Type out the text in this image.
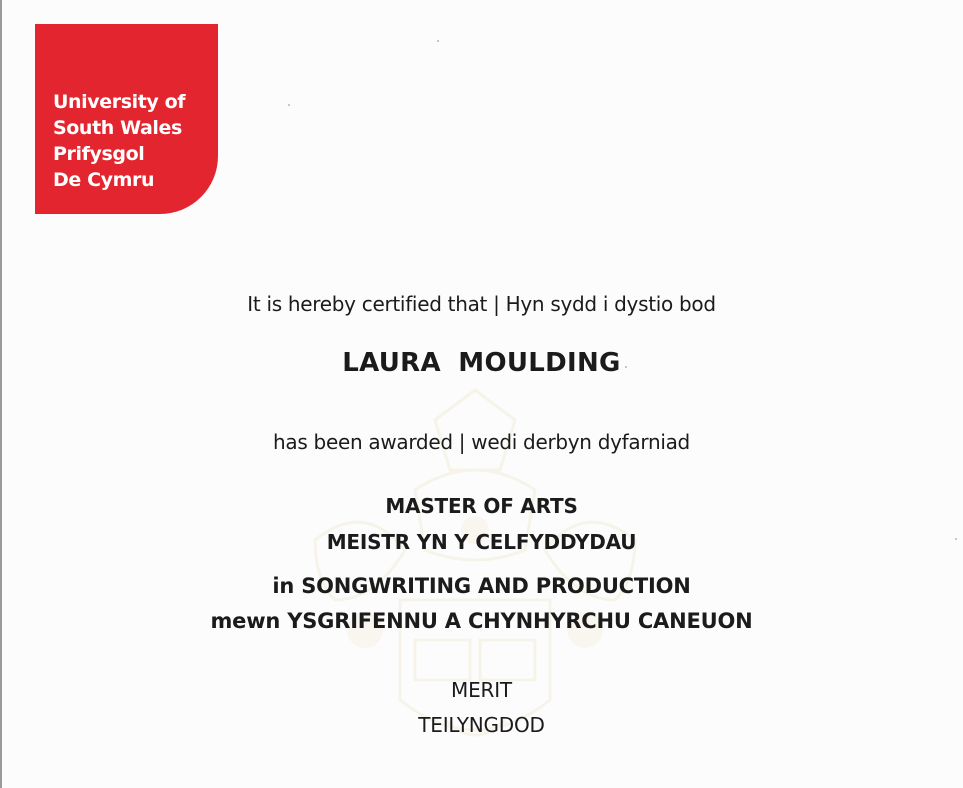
University of
South Wales
Prifysgol
De Cymru
It is hereby certified that | Hyn sydd i dystio bod
LAURA MOULDING
has been awarded | wedi derbyn dyfarniad
MASTER OF ARTS
MEISTR YN Y CELFYDDYDAU
in SONGWRITING AND PRODUCTION
mewn YSGRIFENNU A CHYNHYRCHU CANEUON
MERIT
TEILYNGDOD
